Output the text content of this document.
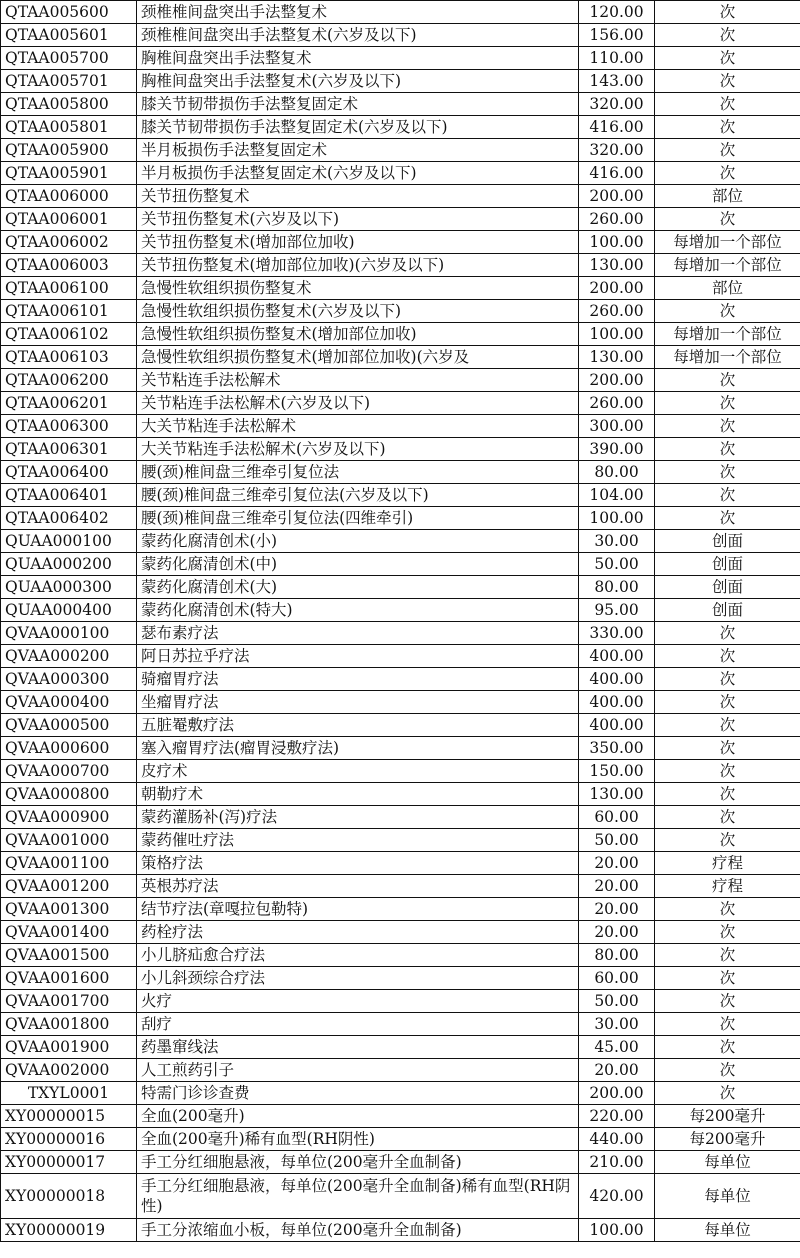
QTAA005600	颈椎椎间盘突出手法整复术	120.00	次
QTAA005601	颈椎椎间盘突出手法整复术(六岁及以下)	156.00	次
QTAA005700	胸椎间盘突出手法整复术	110.00	次
QTAA005701	胸椎间盘突出手法整复术(六岁及以下)	143.00	次
QTAA005800	膝关节韧带损伤手法整复固定术	320.00	次
QTAA005801	膝关节韧带损伤手法整复固定术(六岁及以下)	416.00	次
QTAA005900	半月板损伤手法整复固定术	320.00	次
QTAA005901	半月板损伤手法整复固定术(六岁及以下)	416.00	次
QTAA006000	关节扭伤整复术	200.00	部位
QTAA006001	关节扭伤整复术(六岁及以下)	260.00	次
QTAA006002	关节扭伤整复术(增加部位加收)	100.00	每增加一个部位
QTAA006003	关节扭伤整复术(增加部位加收)(六岁及以下)	130.00	每增加一个部位
QTAA006100	急慢性软组织损伤整复术	200.00	部位
QTAA006101	急慢性软组织损伤整复术(六岁及以下)	260.00	次
QTAA006102	急慢性软组织损伤整复术(增加部位加收)	100.00	每增加一个部位
QTAA006103	急慢性软组织损伤整复术(增加部位加收)(六岁及	130.00	每增加一个部位
QTAA006200	关节粘连手法松解术	200.00	次
QTAA006201	关节粘连手法松解术(六岁及以下)	260.00	次
QTAA006300	大关节粘连手法松解术	300.00	次
QTAA006301	大关节粘连手法松解术(六岁及以下)	390.00	次
QTAA006400	腰(颈)椎间盘三维牵引复位法	80.00	次
QTAA006401	腰(颈)椎间盘三维牵引复位法(六岁及以下)	104.00	次
QTAA006402	腰(颈)椎间盘三维牵引复位法(四维牵引)	100.00	次
QUAA000100	蒙药化腐清创术(小)	30.00	创面
QUAA000200	蒙药化腐清创术(中)	50.00	创面
QUAA000300	蒙药化腐清创术(大)	80.00	创面
QUAA000400	蒙药化腐清创术(特大)	95.00	创面
QVAA000100	瑟布素疗法	330.00	次
QVAA000200	阿日苏拉乎疗法	400.00	次
QVAA000300	骑瘤胃疗法	400.00	次
QVAA000400	坐瘤胃疗法	400.00	次
QVAA000500	五脏罨敷疗法	400.00	次
QVAA000600	塞入瘤胃疗法(瘤胃浸敷疗法)	350.00	次
QVAA000700	皮疗术	150.00	次
QVAA000800	朝勒疗术	130.00	次
QVAA000900	蒙药灌肠补(泻)疗法	60.00	次
QVAA001000	蒙药催吐疗法	50.00	次
QVAA001100	策格疗法	20.00	疗程
QVAA001200	英根苏疗法	20.00	疗程
QVAA001300	结节疗法(章嘎拉包勒特)	20.00	次
QVAA001400	药栓疗法	20.00	次
QVAA001500	小儿脐疝愈合疗法	80.00	次
QVAA001600	小儿斜颈综合疗法	60.00	次
QVAA001700	火疗	50.00	次
QVAA001800	刮疗	30.00	次
QVAA001900	药墨窜线法	45.00	次
QVAA002000	人工煎药引子	20.00	次
TXYL0001	特需门诊诊查费	200.00	次
XY00000015	全血(200毫升)	220.00	每200毫升
XY00000016	全血(200毫升)稀有血型(RH阴性)	440.00	每200毫升
XY00000017	手工分红细胞悬液，每单位(200毫升全血制备)	210.00	每单位
XY00000018	手工分红细胞悬液，每单位(200毫升全血制备)稀有血型(RH阴性)	420.00	每单位
XY00000019	手工分浓缩血小板，每单位(200毫升全血制备)	100.00	每单位
